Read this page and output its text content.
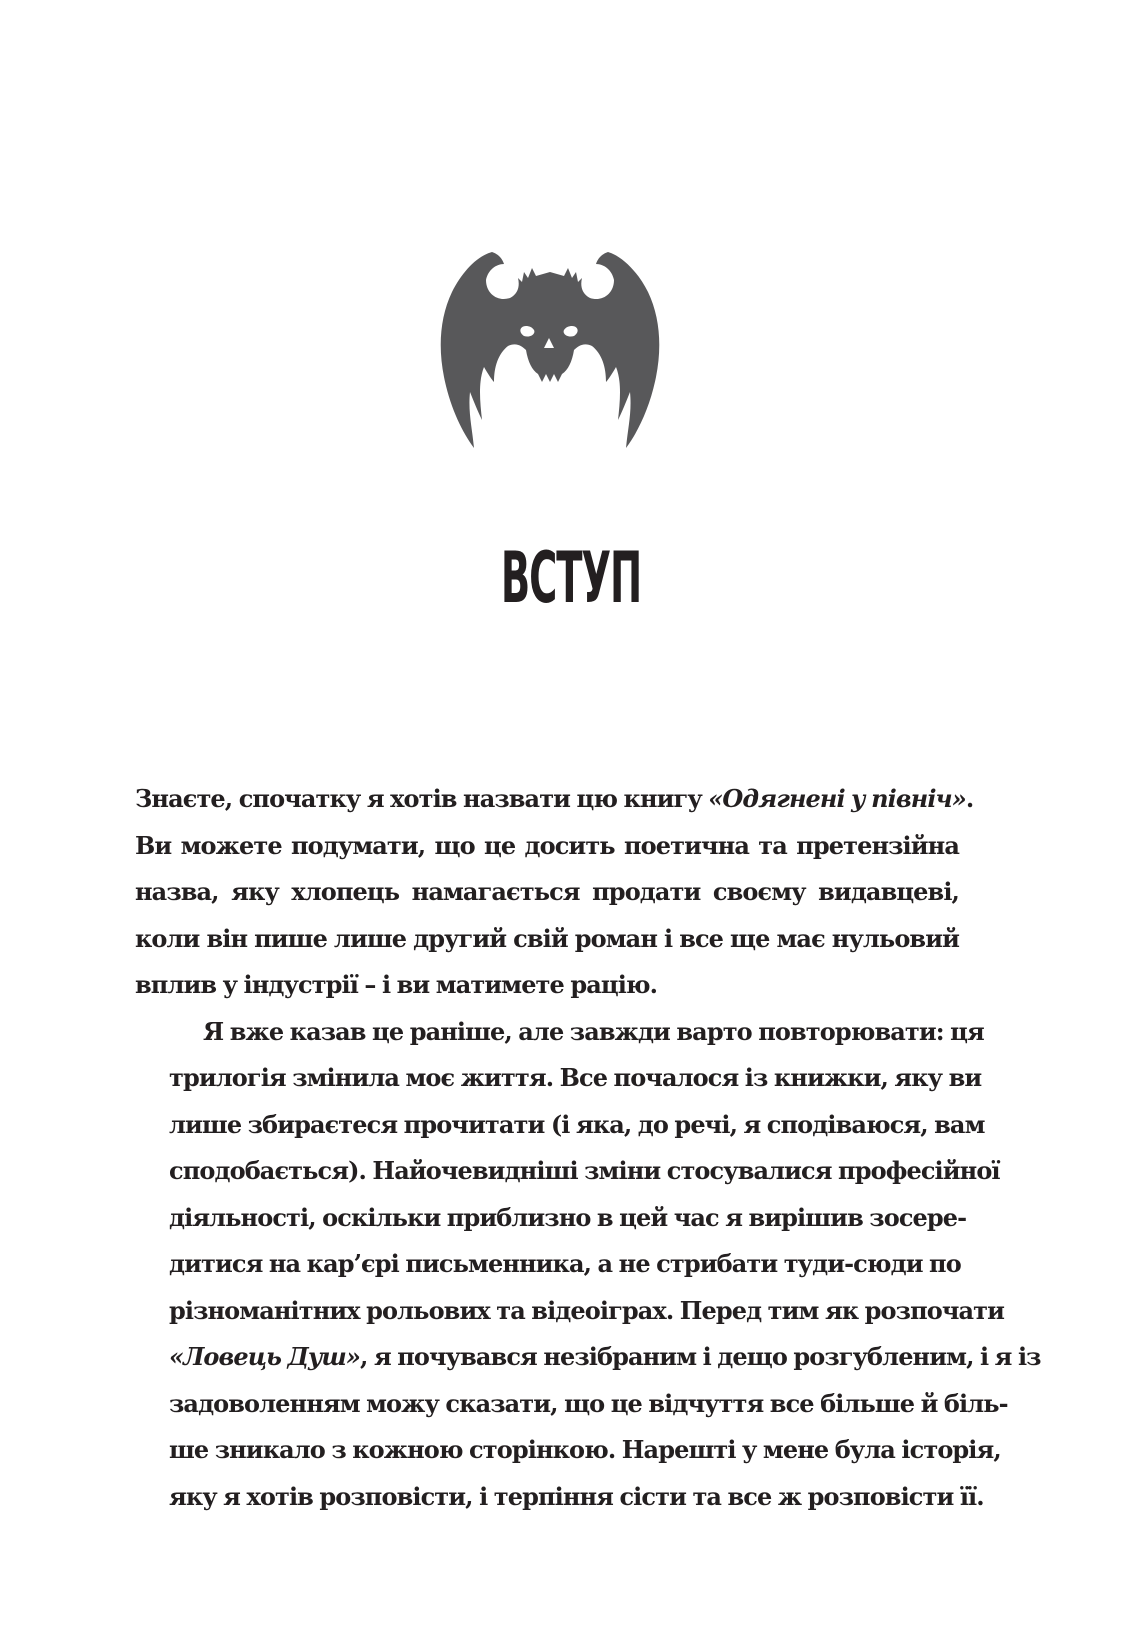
ВСТУП

Знаєте, спочатку я хотів назвати цю книгу «Одягнені у північ».
Ви можете подумати, що це досить поетична та претензійна
назва, яку хлопець намагається продати своєму видавцеві,
коли він пише лише другий свій роман і все ще має нульовий
вплив у індустрії – і ви матимете рацію.

Я вже казав це раніше, але завжди варто повторювати: ця
трилогія змінила моє життя. Все почалося із книжки, яку ви
лише збираєтеся прочитати (і яка, до речі, я сподіваюся, вам
сподобається). Найочевидніші зміни стосувалися професійної
діяльності, оскільки приблизно в цей час я вирішив зосере-
дитися на кар’єрі письменника, а не стрибати туди-сюди по
різноманітних рольових та відеоіграх. Перед тим як розпочати
«Ловець Душ», я почувався незібраним і дещо розгубленим, і я із
задоволенням можу сказати, що це відчуття все більше й біль-
ше зникало з кожною сторінкою. Нарешті у мене була історія,
яку я хотів розповісти, і терпіння сісти та все ж розповісти її.
